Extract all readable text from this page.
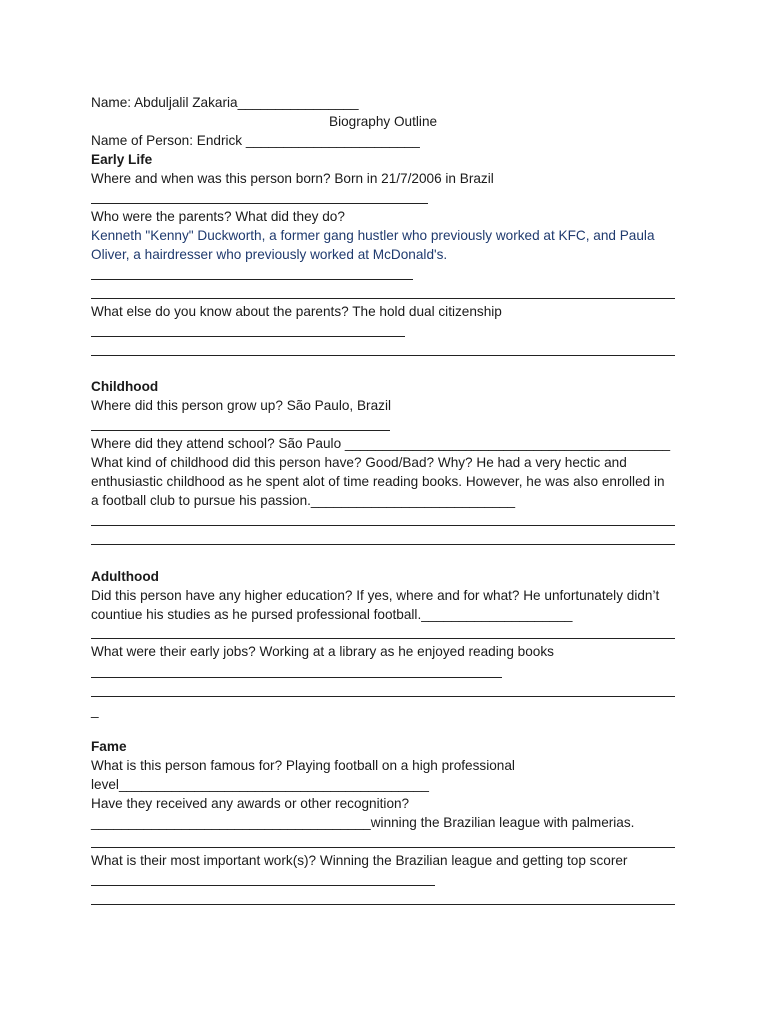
Name: Abduljalil Zakaria________________
Biography Outline
Name of Person: Endrick _______________________
Early Life
Where and when was this person born? Born in 21/7/2006 in Brazil
Who were the parents? What did they do?
Kenneth "Kenny" Duckworth, a former gang hustler who previously worked at KFC, and Paula
Oliver, a hairdresser who previously worked at McDonald's.
What else do you know about the parents? The hold dual citizenship
Childhood
Where did this person grow up? São Paulo, Brazil
Where did they attend school? São Paulo ___________________________________________
What kind of childhood did this person have? Good/Bad? Why? He had a very hectic and
enthusiastic childhood as he spent alot of time reading books. However, he was also enrolled in
a football club to pursue his passion.___________________________
Adulthood
Did this person have any higher education? If yes, where and for what? He unfortunately didn’t
countiue his studies as he pursed professional football.____________________
What were their early jobs? Working at a library as he enjoyed reading books
_
Fame
What is this person famous for? Playing football on a high professional
level_________________________________________
Have they received any awards or other recognition?
_____________________________________winning the Brazilian league with palmerias.
What is their most important work(s)? Winning the Brazilian league and getting top scorer
